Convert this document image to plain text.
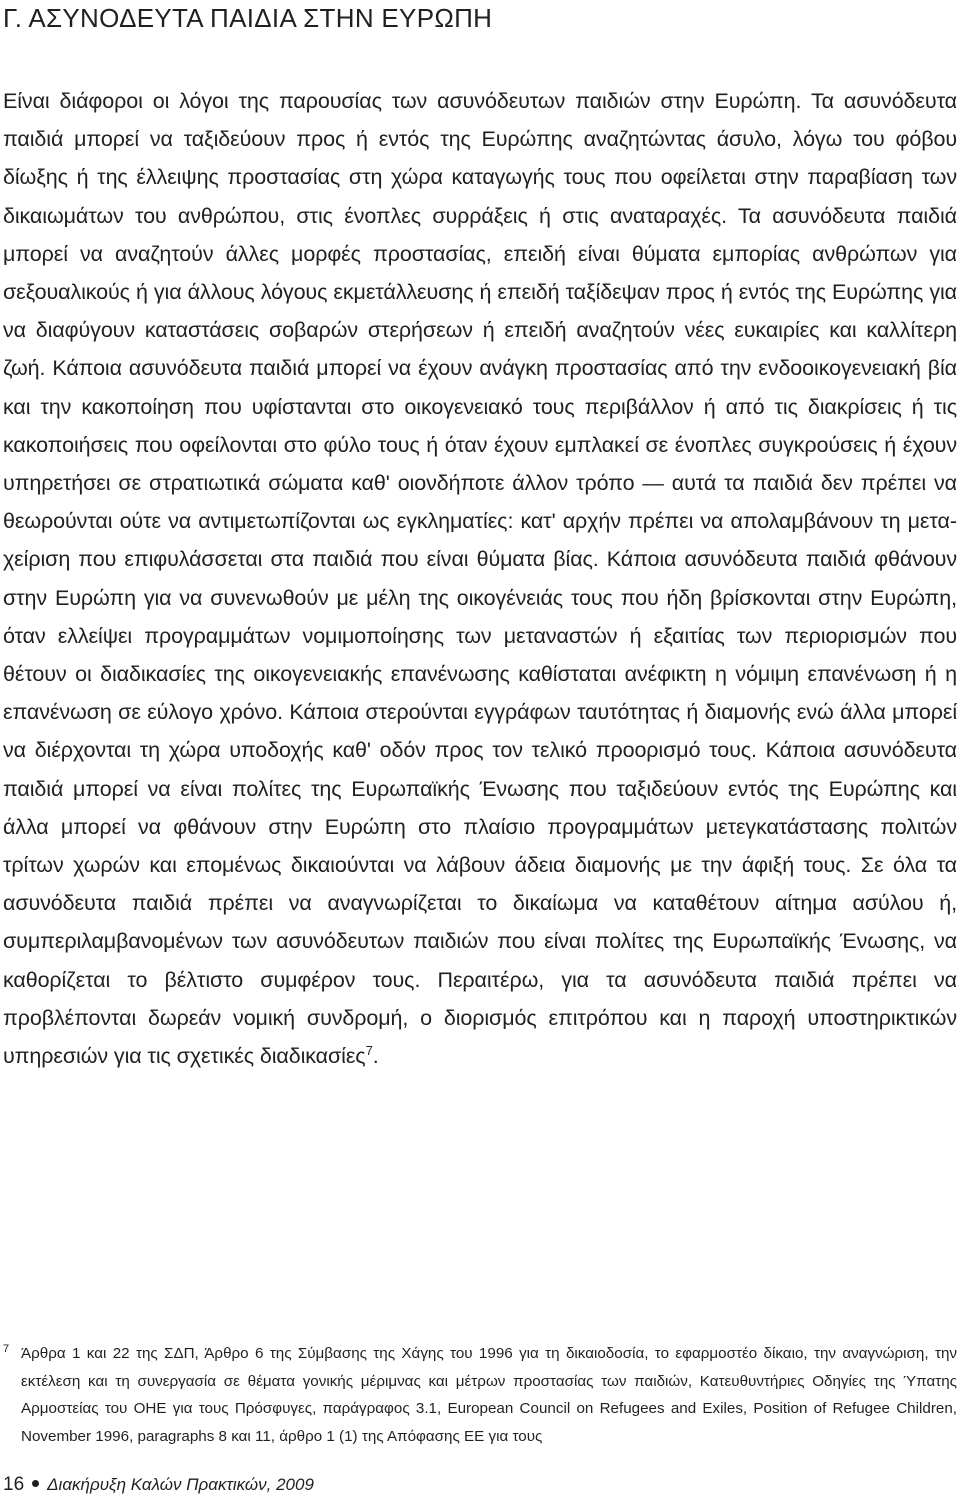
Γ. ΑΣΥΝΟΔΕΥΤΑ ΠΑΙΔΙΑ ΣΤΗΝ ΕΥΡΩΠΗ

Είναι διάφοροι οι λόγοι της παρουσίας των ασυνόδευτων παιδιών στην Ευρώπη. Τα ασυνόδευτα παιδιά μπορεί να ταξιδεύουν προς ή εντός της Ευρώπης αναζητώντας άσυλο, λόγω του φόβου δίωξης ή της έλλειψης προστασίας στη χώρα καταγωγής τους που οφείλεται στην παραβίαση των δικαιωμάτων του ανθρώπου, στις ένοπλες συρράξεις ή στις αναταραχές. Τα ασυνόδευτα παιδιά μπορεί να αναζητούν άλλες μορφές προστασίας, επειδή είναι θύματα εμπορίας ανθρώπων για σεξουαλικούς ή για άλλους λόγους εκμετάλλευσης ή επειδή ταξίδεψαν προς ή εντός της Ευρώπης για να διαφύγουν καταστάσεις σοβαρών στερήσεων ή επειδή αναζητούν νέες ευκαιρίες και καλλίτερη ζωή. Κάποια ασυνόδευτα παιδιά μπορεί να έχουν ανάγκη προστασίας από την ενδοοικογενειακή βία και την κακοποίηση που υφίστανται στο οικογενειακό τους περιβάλλον ή από τις διακρίσεις ή τις κακοποιήσεις που οφείλονται στο φύλο τους ή όταν έχουν εμπλακεί σε ένοπλες συγκρούσεις ή έχουν υπηρετήσει σε στρατιωτικά σώματα καθ' οιονδήποτε άλλον τρόπο — αυτά τα παιδιά δεν πρέπει να θεωρούνται ούτε να αντιμετωπίζονται ως εγκληματίες: κατ' αρχήν πρέπει να απολαμβάνουν τη μεταχείριση που επιφυλάσσεται στα παιδιά που είναι θύματα βίας. Κάποια ασυνόδευτα παιδιά φθάνουν στην Ευρώπη για να συνενωθούν με μέλη της οικογένειάς τους που ήδη βρίσκονται στην Ευρώπη, όταν ελλείψει προγραμμάτων νομιμοποίησης των μεταναστών ή εξαιτίας των περιορισμών που θέτουν οι διαδικασίες της οικογενειακής επανένωσης καθίσταται ανέφικτη η νόμιμη επανένωση ή η επανένωση σε εύλογο χρόνο. Κάποια στερούνται εγγράφων ταυτότητας ή διαμονής ενώ άλλα μπορεί να διέρχονται τη χώρα υποδοχής καθ' οδόν προς τον τελικό προορισμό τους. Κάποια ασυνόδευτα παιδιά μπορεί να είναι πολίτες της Ευρωπαϊκής Ένωσης που ταξιδεύουν εντός της Ευρώπης και άλλα μπορεί να φθάνουν στην Ευρώπη στο πλαίσιο προγραμμάτων μετεγκατάστασης πολιτών τρίτων χωρών και επομένως δικαιούνται να λάβουν άδεια διαμονής με την άφιξή τους. Σε όλα τα ασυνόδευτα παιδιά πρέπει να αναγνωρίζεται το δικαίωμα να καταθέτουν αίτημα ασύλου ή, συμπεριλαμβανομένων των ασυνόδευτων παιδιών που είναι πολίτες της Ευρωπαϊκής Ένωσης, να καθορίζεται το βέλτιστο συμφέρον τους. Περαιτέρω, για τα ασυνόδευτα παιδιά πρέπει να προβλέπονται δωρεάν νομική συνδρομή, ο διορισμός επιτρόπου και η παροχή υποστηρικτικών υπηρεσιών για τις σχετικές διαδικασίες$^7$.

7 Άρθρα 1 και 22 της ΣΔΠ, Άρθρο 6 της Σύμβασης της Χάγης του 1996 για τη δικαιοδοσία, το εφαρμοστέο δίκαιο, την αναγνώριση, την εκτέλεση και τη συνεργασία σε θέματα γονικής μέριμνας και μέτρων προστασίας των παιδιών, Κατευθυντήριες Οδηγίες της Ύπατης Αρμοστείας του ΟΗΕ για τους Πρόσφυγες, παράγραφος 3.1, European Council on Refugees and Exiles, Position of Refugee Children, November 1996, paragraphs 8 και 11, άρθρο 1 (1) της Απόφασης ΕΕ για τους
16 Διακήρυξη Καλών Πρακτικών, 2009
